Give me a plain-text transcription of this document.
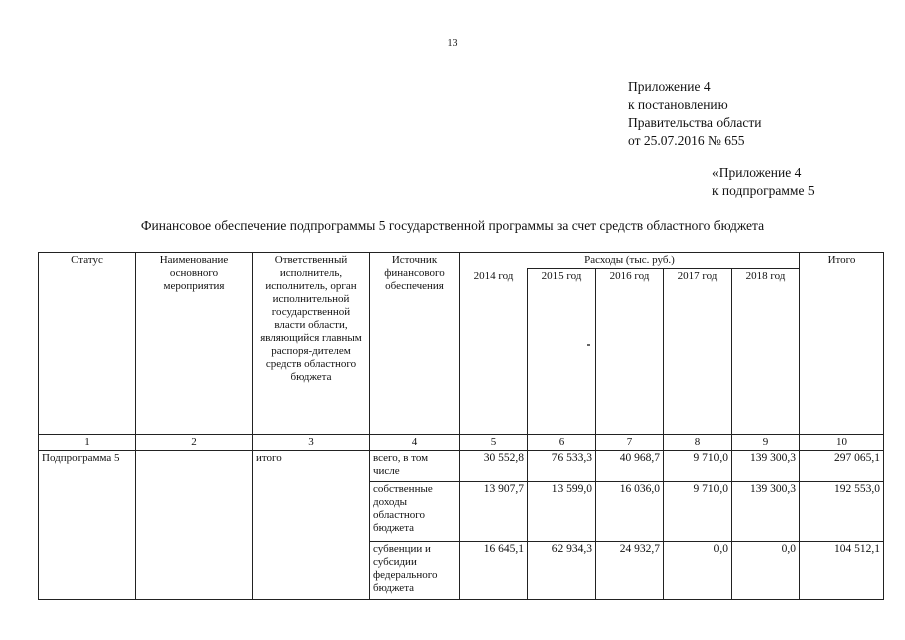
13
Приложение 4
к постановлению
Правительства области
от 25.07.2016 № 655
«Приложение 4
к подпрограмме 5
Финансовое обеспечение подпрограммы 5 государственной программы за счет средств областного бюджета
Статус	Наименование основного мероприятия	Ответственный исполнитель, исполнитель, орган исполнительной государственной власти области, являющийся главным распоря-дителем средств областного бюджета	Источник финансового обеспечения	Расходы (тыс. руб.)					Итого
				2014 год	2015 год	2016 год	2017 год	2018 год	
1	2	3	4	5	6	7	8	9	10
Подпрограмма 5		итого	всего, в том числе	30 552,8	76 533,3	40 968,7	9 710,0	139 300,3	297 065,1
			собственные доходы областного бюджета	13 907,7	13 599,0	16 036,0	9 710,0	139 300,3	192 553,0
			субвенции и субсидии федерального бюджета	16 645,1	62 934,3	24 932,7	0,0	0,0	104 512,1
